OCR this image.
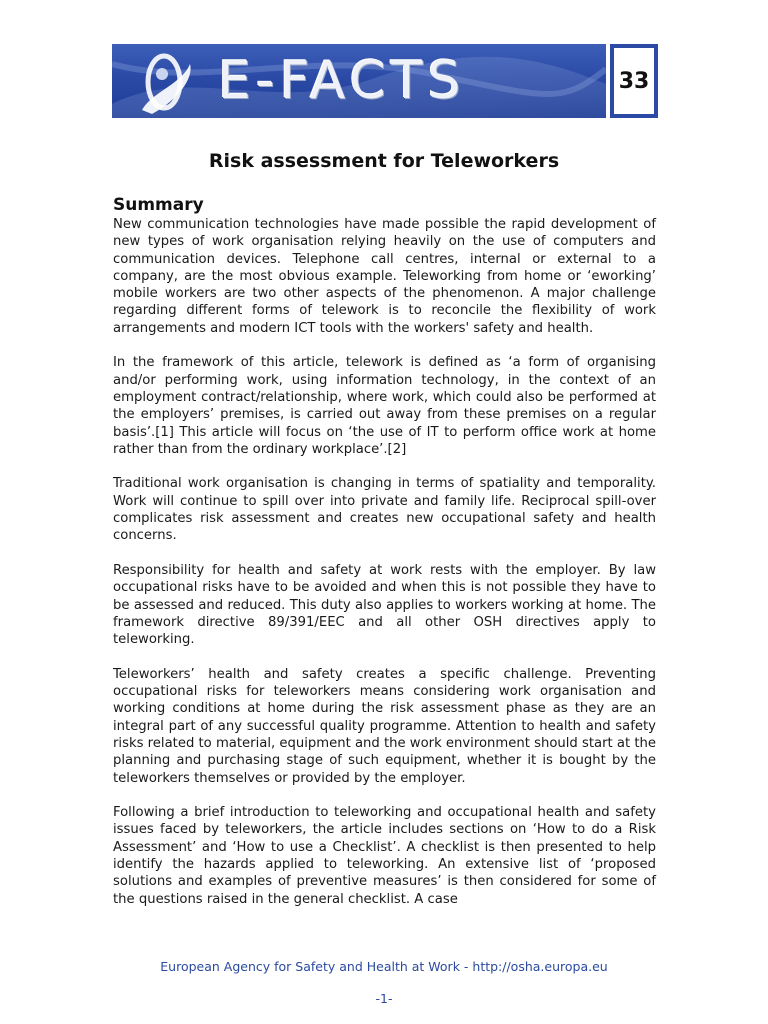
E-FACTS	33
Risk assessment for Teleworkers
Summary

New communication technologies have made possible the rapid development of new types of work organisation relying heavily on the use of computers and communication devices. Telephone call centres, internal or external to a company, are the most obvious example. Teleworking from home or ‘eworking’ mobile workers are two other aspects of the phenomenon. A major challenge regarding different forms of telework is to reconcile the flexibility of work arrangements and modern ICT tools with the workers' safety and health.

In the framework of this article, telework is defined as ‘a form of organising and/or performing work, using information technology, in the context of an employment contract/relationship, where work, which could also be performed at the employers’ premises, is carried out away from these premises on a regular basis’.[1] This article will focus on ‘the use of IT to perform office work at home rather than from the ordinary workplace’.[2]

Traditional work organisation is changing in terms of spatiality and temporality. Work will continue to spill over into private and family life. Reciprocal spill-over complicates risk assessment and creates new occupational safety and health concerns.

Responsibility for health and safety at work rests with the employer. By law occupational risks have to be avoided and when this is not possible they have to be assessed and reduced. This duty also applies to workers working at home. The framework directive 89/391/EEC and all other OSH directives apply to teleworking.

Teleworkers’ health and safety creates a specific challenge. Preventing occupational risks for teleworkers means considering work organisation and working conditions at home during the risk assessment phase as they are an integral part of any successful quality programme. Attention to health and safety risks related to material, equipment and the work environment should start at the planning and purchasing stage of such equipment, whether it is bought by the teleworkers themselves or provided by the employer.

Following a brief introduction to teleworking and occupational health and safety issues faced by teleworkers, the article includes sections on ‘How to do a Risk Assessment’ and ‘How to use a Checklist’. A checklist is then presented to help identify the hazards applied to teleworking. An extensive list of ‘proposed solutions and examples of preventive measures’ is then considered for some of the questions raised in the general checklist. A case

European Agency for Safety and Health at Work - http://osha.europa.eu
-1-
